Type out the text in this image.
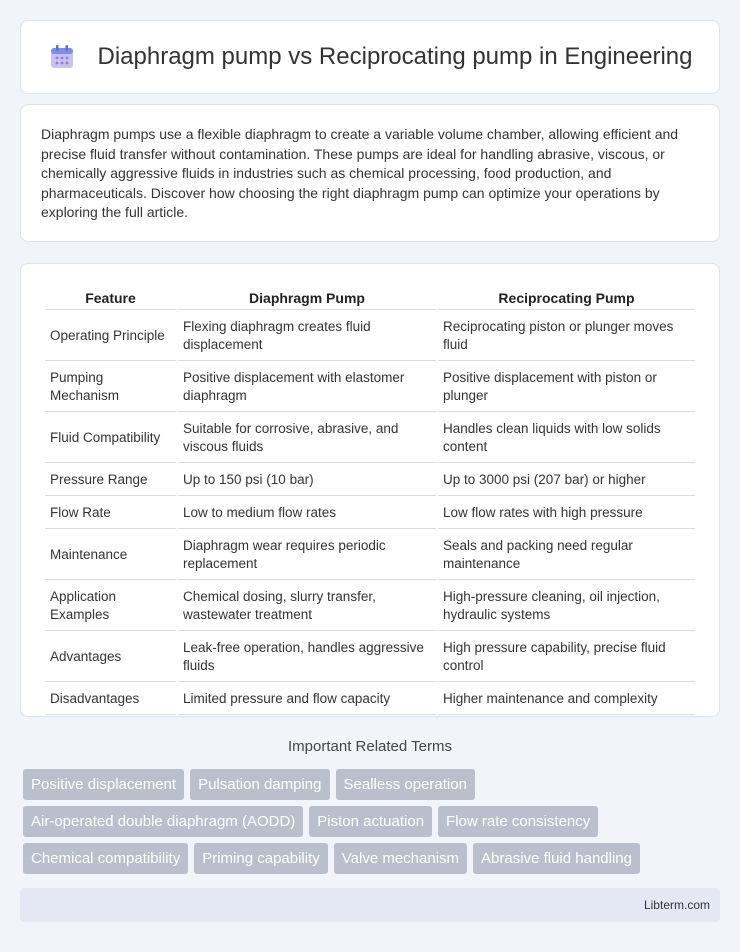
Diaphragm pump vs Reciprocating pump in Engineering

Diaphragm pumps use a flexible diaphragm to create a variable volume chamber, allowing efficient and precise fluid transfer without contamination. These pumps are ideal for handling abrasive, viscous, or chemically aggressive fluids in industries such as chemical processing, food production, and pharmaceuticals. Discover how choosing the right diaphragm pump can optimize your operations by exploring the full article.

Feature	Diaphragm Pump	Reciprocating Pump
Operating Principle	Flexing diaphragm creates fluid displacement	Reciprocating piston or plunger moves fluid
Pumping Mechanism	Positive displacement with elastomer diaphragm	Positive displacement with piston or plunger
Fluid Compatibility	Suitable for corrosive, abrasive, and viscous fluids	Handles clean liquids with low solids content
Pressure Range	Up to 150 psi (10 bar)	Up to 3000 psi (207 bar) or higher
Flow Rate	Low to medium flow rates	Low flow rates with high pressure
Maintenance	Diaphragm wear requires periodic replacement	Seals and packing need regular maintenance
Application Examples	Chemical dosing, slurry transfer, wastewater treatment	High-pressure cleaning, oil injection, hydraulic systems
Advantages	Leak-free operation, handles aggressive fluids	High pressure capability, precise fluid control
Disadvantages	Limited pressure and flow capacity	Higher maintenance and complexity
Important Related Terms
Positive displacement	Pulsation damping	Sealless operation
Air-operated double diaphragm (AODD)	Piston actuation	Flow rate consistency
Chemical compatibility	Priming capability	Valve mechanism	Abrasive fluid handling
Libterm.com
